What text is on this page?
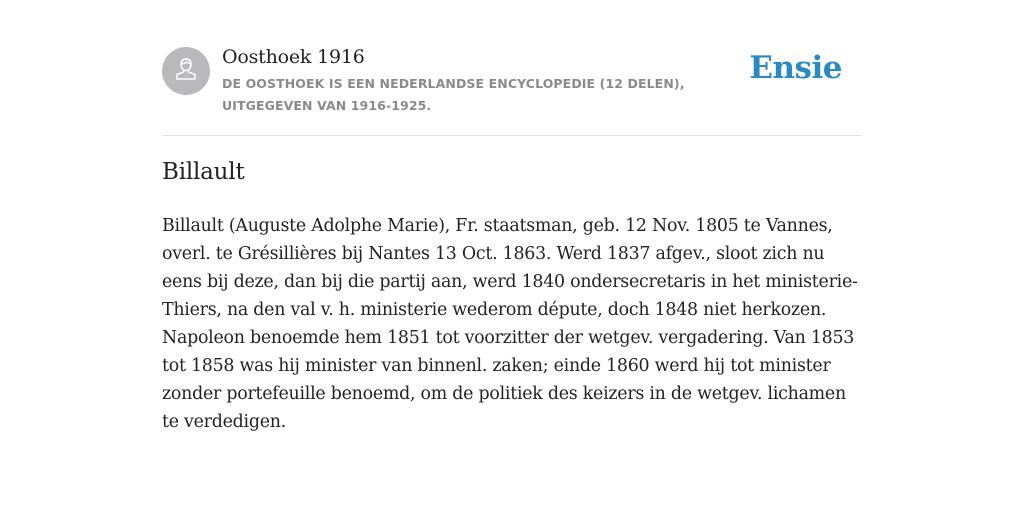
Oosthoek 1916
DE OOSTHOEK IS EEN NEDERLANDSE ENCYCLOPEDIE (12 DELEN), UITGEGEVEN VAN 1916-1925.
Ensie
Billault

Billault (Auguste Adolphe Marie), Fr. staatsman, geb. 12 Nov. 1805 te Vannes, overl. te Grésillières bij Nantes 13 Oct. 1863. Werd 1837 afgev., sloot zich nu eens bij deze, dan bij die partij aan, werd 1840 ondersecretaris in het ministerie-Thiers, na den val v. h. ministerie wederom députe, doch 1848 niet herkozen. Napoleon benoemde hem 1851 tot voorzitter der wetgev. vergadering. Van 1853 tot 1858 was hij minister van binnenl. zaken; einde 1860 werd hij tot minister zonder portefeuille benoemd, om de politiek des keizers in de wetgev. lichamen te verdedigen.
